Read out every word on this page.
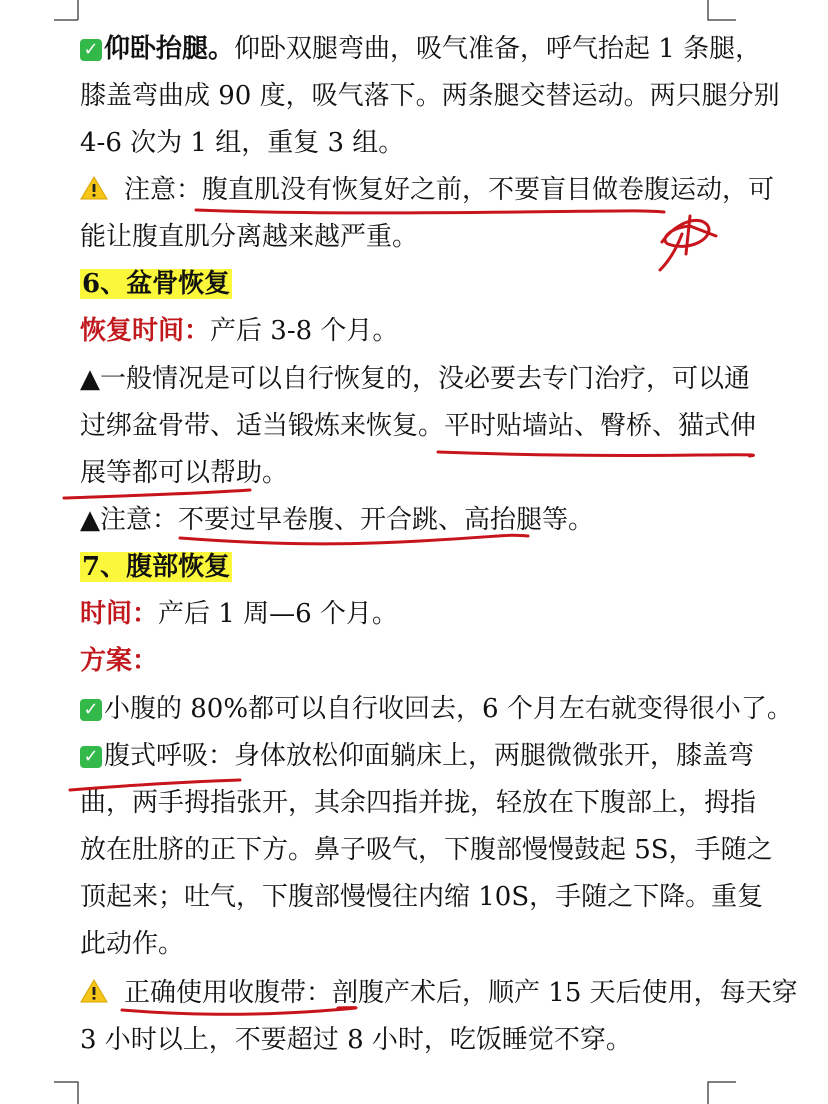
✓ 仰卧抬腿。仰卧双腿弯曲，吸气准备，呼气抬起 1 条腿，
膝盖弯曲成 90 度，吸气落下。两条腿交替运动。两只腿分别
4-6 次为 1 组，重复 3 组。
注意：腹直肌没有恢复好之前，不要盲目做卷腹运动，可
能让腹直肌分离越来越严重。
6、盆骨恢复
恢复时间：产后 3-8 个月。
▲一般情况是可以自行恢复的，没必要去专门治疗，可以通
过绑盆骨带、适当锻炼来恢复。平时贴墙站、臀桥、猫式伸
展等都可以帮助。
▲注意：不要过早卷腹、开合跳、高抬腿等。
7、腹部恢复
时间：产后 1 周—6 个月。
方案：
✓ 小腹的 80%都可以自行收回去，6 个月左右就变得很小了。
✓ 腹式呼吸：身体放松仰面躺床上，两腿微微张开，膝盖弯
曲，两手拇指张开，其余四指并拢，轻放在下腹部上，拇指
放在肚脐的正下方。鼻子吸气，下腹部慢慢鼓起 5S，手随之
顶起来；吐气，下腹部慢慢往内缩 10S，手随之下降。重复
此动作。
正确使用收腹带：剖腹产术后，顺产 15 天后使用，每天穿
3 小时以上，不要超过 8 小时，吃饭睡觉不穿。
